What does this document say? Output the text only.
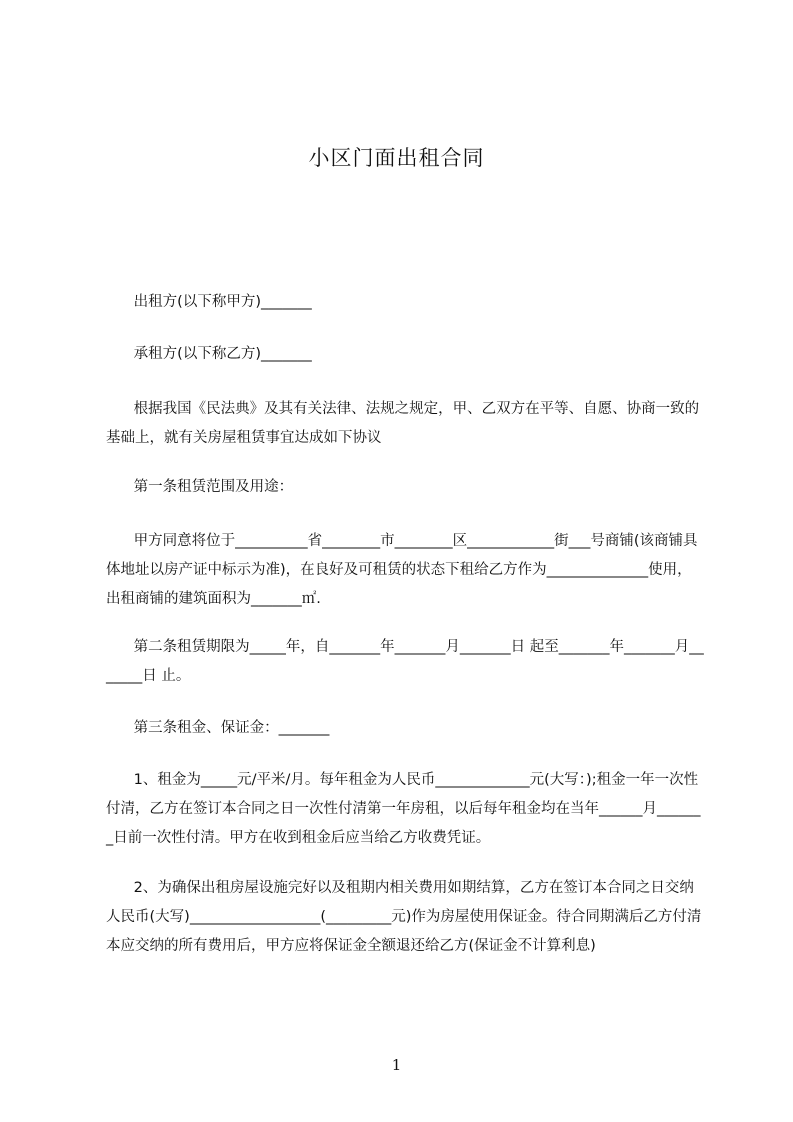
小区门面出租合同
出租方(以下称甲方)_______
承租方(以下称乙方)_______
根据我国《民法典》及其有关法律、法规之规定，甲、乙双方在平等、自愿、协商一致的基础上，就有关房屋租赁事宜达成如下协议
第一条租赁范围及用途：
甲方同意将位于__________省________市________区____________街___号商铺(该商铺具体地址以房产证中标示为准)，在良好及可租赁的状态下租给乙方作为______________使用，出租商铺的建筑面积为_______㎡.
第二条租赁期限为_____年，自_______年_______月_______日 起至_______年_______月_______日 止。
第三条租金、保证金：_______
1、租金为_____元/平米/月。每年租金为人民币_____________元(大写：);租金一年一次性付清，乙方在签订本合同之日一次性付清第一年房租，以后每年租金均在当年______月_______日前一次性付清。甲方在收到租金后应当给乙方收费凭证。
2、为确保出租房屋设施完好以及租期内相关费用如期结算，乙方在签订本合同之日交纳人民币(大写)__________________(_________元)作为房屋使用保证金。待合同期满后乙方付清本应交纳的所有费用后，甲方应将保证金全额退还给乙方(保证金不计算利息)
1
